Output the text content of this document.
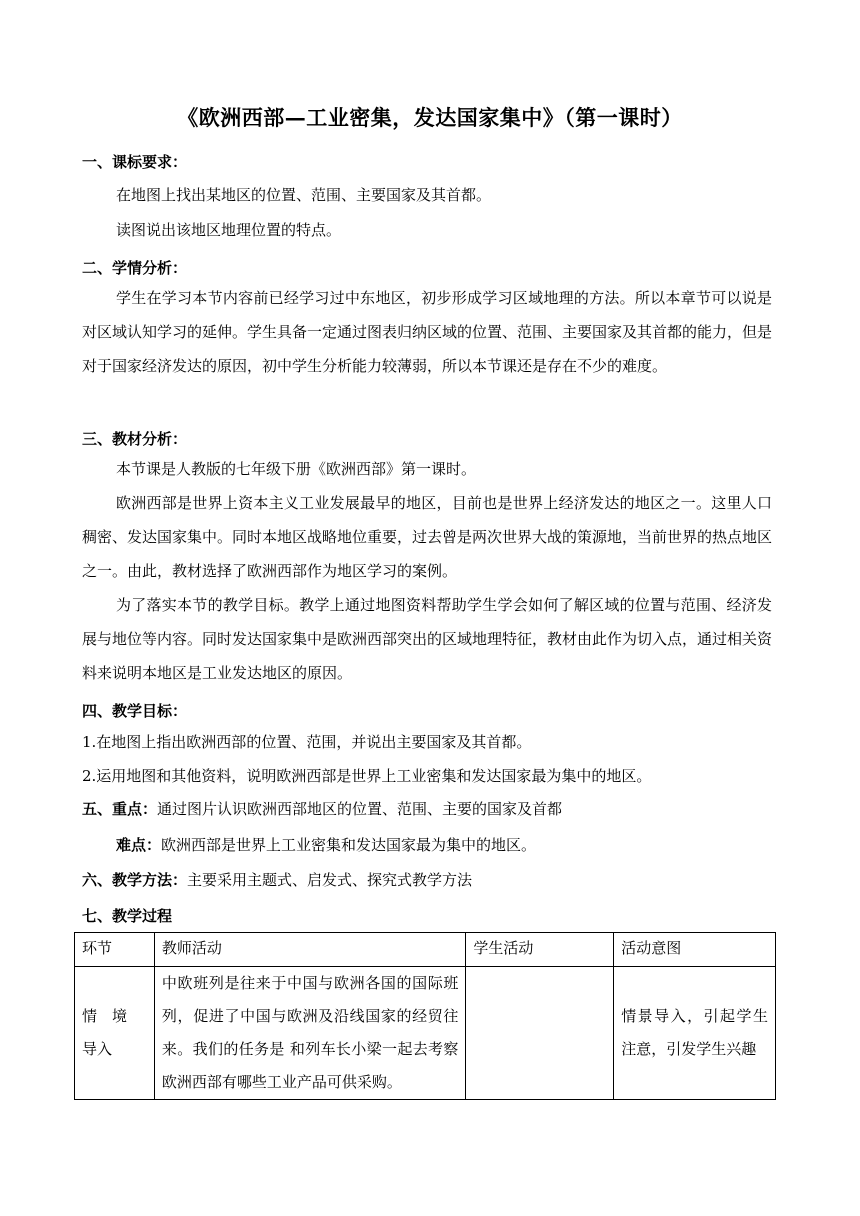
《欧洲西部—工业密集，发达国家集中》（第一课时）
一、课标要求：
在地图上找出某地区的位置、范围、主要国家及其首都。
读图说出该地区地理位置的特点。
二、学情分析：
学生在学习本节内容前已经学习过中东地区，初步形成学习区域地理的方法。所以本章节可以说是对区域认知学习的延伸。学生具备一定通过图表归纳区域的位置、范围、主要国家及其首都的能力，但是对于国家经济发达的原因，初中学生分析能力较薄弱，所以本节课还是存在不少的难度。
三、教材分析：
本节课是人教版的七年级下册《欧洲西部》第一课时。
欧洲西部是世界上资本主义工业发展最早的地区，目前也是世界上经济发达的地区之一。这里人口稠密、发达国家集中。同时本地区战略地位重要，过去曾是两次世界大战的策源地，当前世界的热点地区之一。由此，教材选择了欧洲西部作为地区学习的案例。
为了落实本节的教学目标。教学上通过地图资料帮助学生学会如何了解区域的位置与范围、经济发展与地位等内容。同时发达国家集中是欧洲西部突出的区域地理特征，教材由此作为切入点，通过相关资料来说明本地区是工业发达地区的原因。
四、教学目标：
1.在地图上指出欧洲西部的位置、范围，并说出主要国家及其首都。
2.运用地图和其他资料，说明欧洲西部是世界上工业密集和发达国家最为集中的地区。
五、重点：通过图片认识欧洲西部地区的位置、范围、主要的国家及首都
难点：欧洲西部是世界上工业密集和发达国家最为集中的地区。
六、教学方法：主要采用主题式、启发式、探究式教学方法
七、教学过程
环节	教师活动	学生活动	活动意图

情　境
导入	中欧班列是往来于中国与欧洲各国的国际班列，促进了中国与欧洲及沿线国家的经贸往来。我们的任务是 和列车长小梁一起去考察欧洲西部有哪些工业产品可供采购。		情景导入，引起学生注意，引发学生兴趣
